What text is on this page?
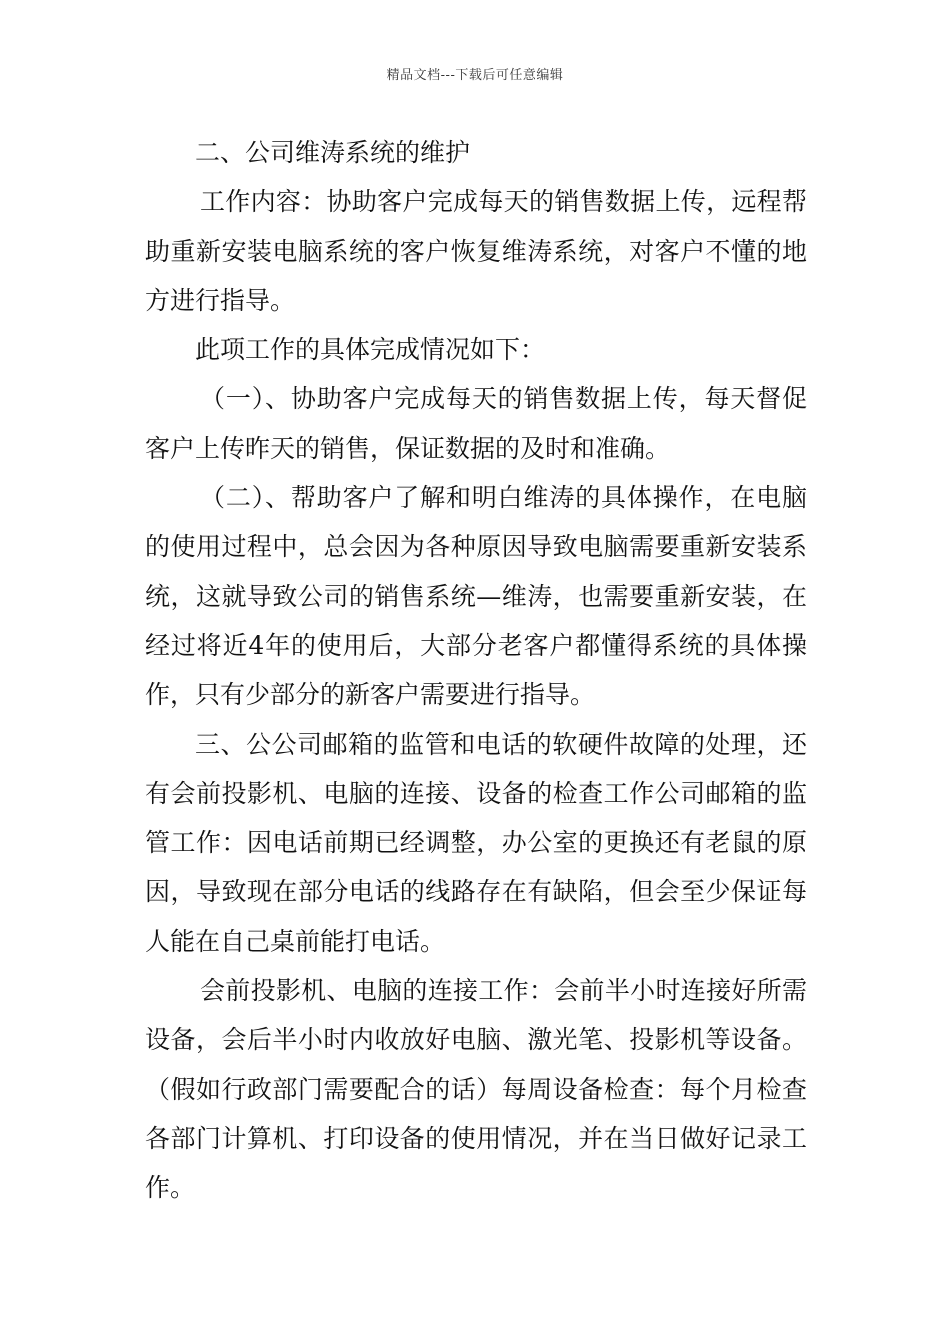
精品文档---下载后可任意编辑

二、公司维涛系统的维护

工作内容：协助客户完成每天的销售数据上传，远程帮助重新安装电脑系统的客户恢复维涛系统，对客户不懂的地方进行指导。

此项工作的具体完成情况如下：

（一）、协助客户完成每天的销售数据上传，每天督促客户上传昨天的销售，保证数据的及时和准确。

（二）、帮助客户了解和明白维涛的具体操作，在电脑的使用过程中，总会因为各种原因导致电脑需要重新安装系统，这就导致公司的销售系统—维涛，也需要重新安装，在经过将近4年的使用后，大部分老客户都懂得系统的具体操作，只有少部分的新客户需要进行指导。

三、公公司邮箱的监管和电话的软硬件故障的处理，还有会前投影机、电脑的连接、设备的检查工作公司邮箱的监管工作：因电话前期已经调整，办公室的更换还有老鼠的原因，导致现在部分电话的线路存在有缺陷，但会至少保证每人能在自己桌前能打电话。

会前投影机、电脑的连接工作：会前半小时连接好所需设备，会后半小时内收放好电脑、激光笔、投影机等设备。（假如行政部门需要配合的话）每周设备检查：每个月检查各部门计算机、打印设备的使用情况，并在当日做好记录工作。
